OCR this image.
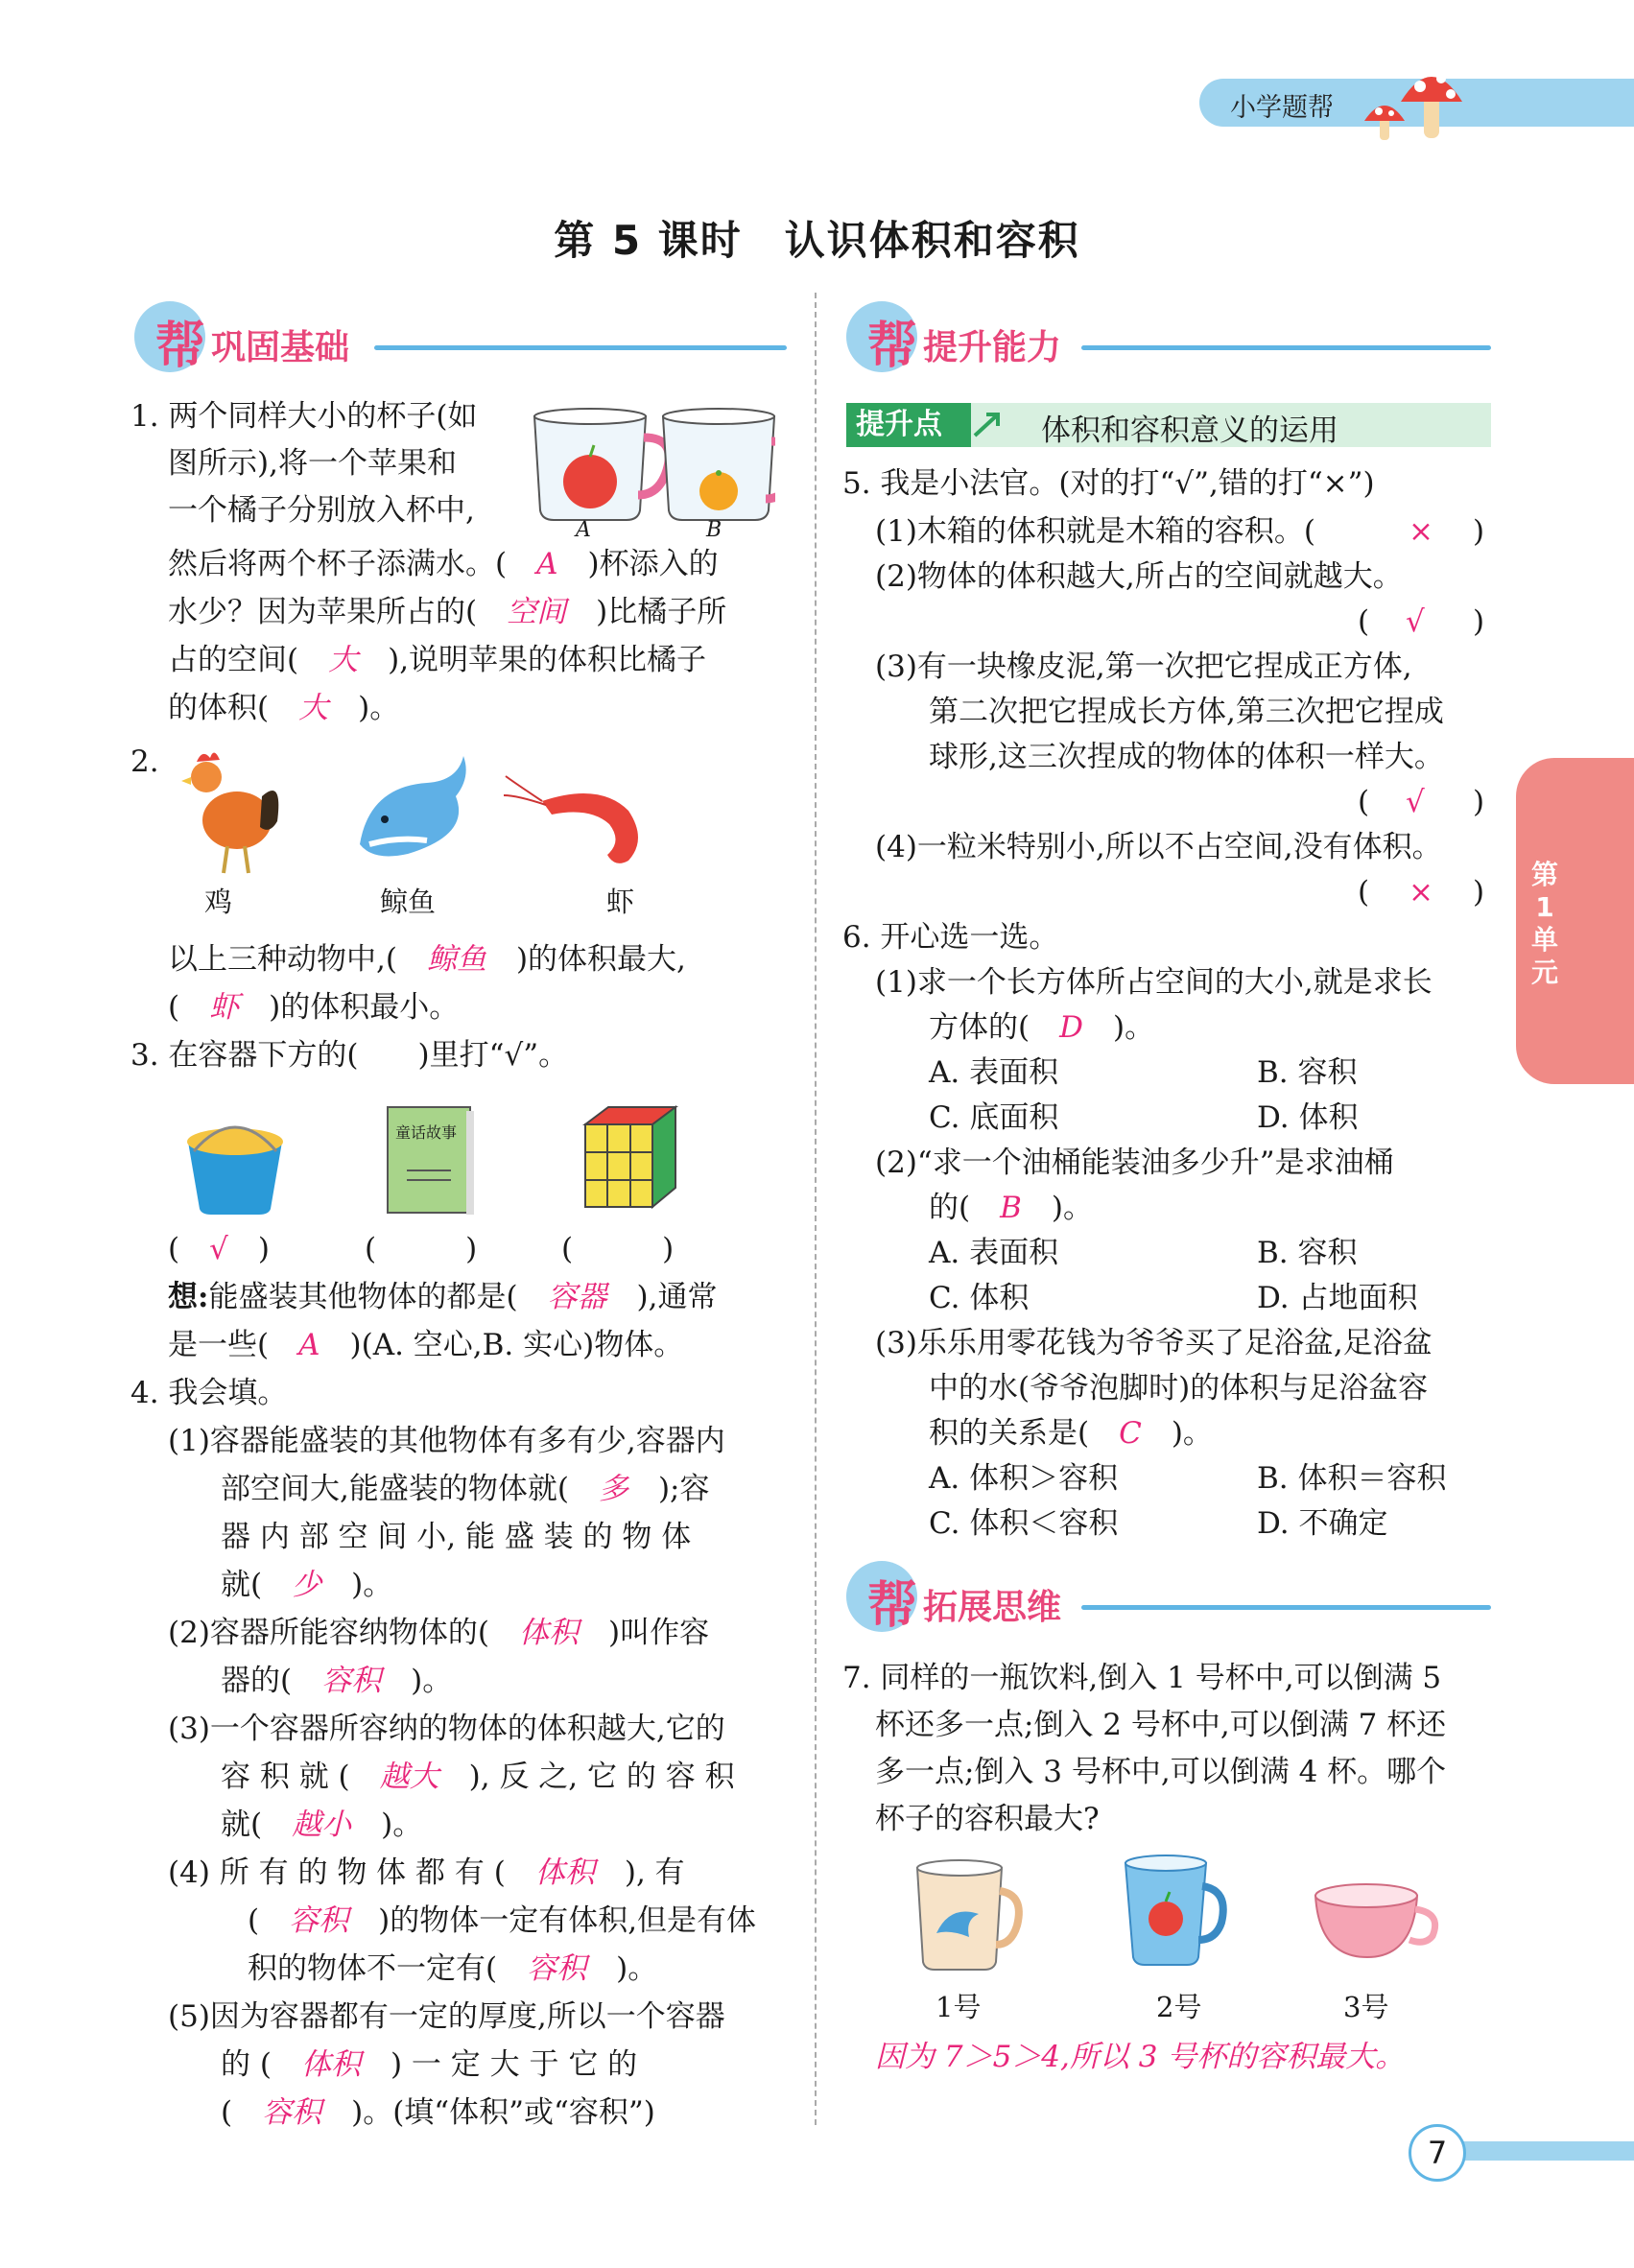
小学题帮
第 5 课时　认识体积和容积
帮 巩固基础
1. 两个同样大小的杯子(如
图所示),将一个苹果和
一个橘子分别放入杯中,
然后将两个杯子添满水。(　 A　 )杯添入的
水少？因为苹果所占的(　 空间　 )比橘子所
占的空间(　 大　 ),说明苹果的体积比橘子
的体积(　 大　 )。
A	B
2.
鸡	鲸鱼	虾
以上三种动物中,(　 鲸鱼　 )的体积最大,
(　 虾　 )的体积最小。
3. 在容器下方的(　　)里打“√”。
童话故事
(　 √　 )	(　　　)	(　　　)
想:能盛装其他物体的都是(　 容器　 ),通常
是一些(　 A　 )(A. 空心,B. 实心)物体。
4. 我会填。
(1)容器能盛装的其他物体有多有少,容器内
部空间大,能盛装的物体就(　 多　 );容
器 内 部 空 间 小, 能 盛 装 的 物 体
就(　 少　 )。
(2)容器所能容纳物体的(　 体积　 )叫作容
器的(　 容积　 )。
(3)一个容器所容纳的物体的体积越大,它的
容 积 就 (　 越大　 ), 反 之, 它 的 容 积
就(　 越小　 )。
(4) 所 有 的 物 体 都 有 (　 体积　 ), 有
(　 容积　 )的物体一定有体积,但是有体
积的物体不一定有(　 容积　 )。
(5)因为容器都有一定的厚度,所以一个容器
的 (　 体积　 ) 一 定 大 于 它 的
(　 容积　 )。(填“体积”或“容积”)
帮 提升能力
提升点	体积和容积意义的运用
5. 我是小法官。(对的打“√”,错的打“×”)
(1)木箱的体积就是木箱的容积。(	× )
(2)物体的体积越大,所占的空间就越大。
( √ )
(3)有一块橡皮泥,第一次把它捏成正方体,
第二次把它捏成长方体,第三次把它捏成
球形,这三次捏成的物体的体积一样大。
( √ )
(4)一粒米特别小,所以不占空间,没有体积。
( × )
6. 开心选一选。
(1)求一个长方体所占空间的大小,就是求长
方体的(　 D　 )。
A. 表面积	B. 容积
C. 底面积	D. 体积
(2)“求一个油桶能装油多少升”是求油桶
的(　 B　 )。
A. 表面积	B. 容积
C. 体积	D. 占地面积
(3)乐乐用零花钱为爷爷买了足浴盆,足浴盆
中的水(爷爷泡脚时)的体积与足浴盆容
积的关系是(　 C　 )。
A. 体积＞容积	B. 体积＝容积
C. 体积＜容积	D. 不确定
帮 拓展思维
7. 同样的一瓶饮料,倒入 1 号杯中,可以倒满 5
杯还多一点;倒入 2 号杯中,可以倒满 7 杯还
多一点;倒入 3 号杯中,可以倒满 4 杯。哪个
杯子的容积最大?
1号	2号	3号
因为 7＞5＞4,所以 3 号杯的容积最大。
第1单元
7
